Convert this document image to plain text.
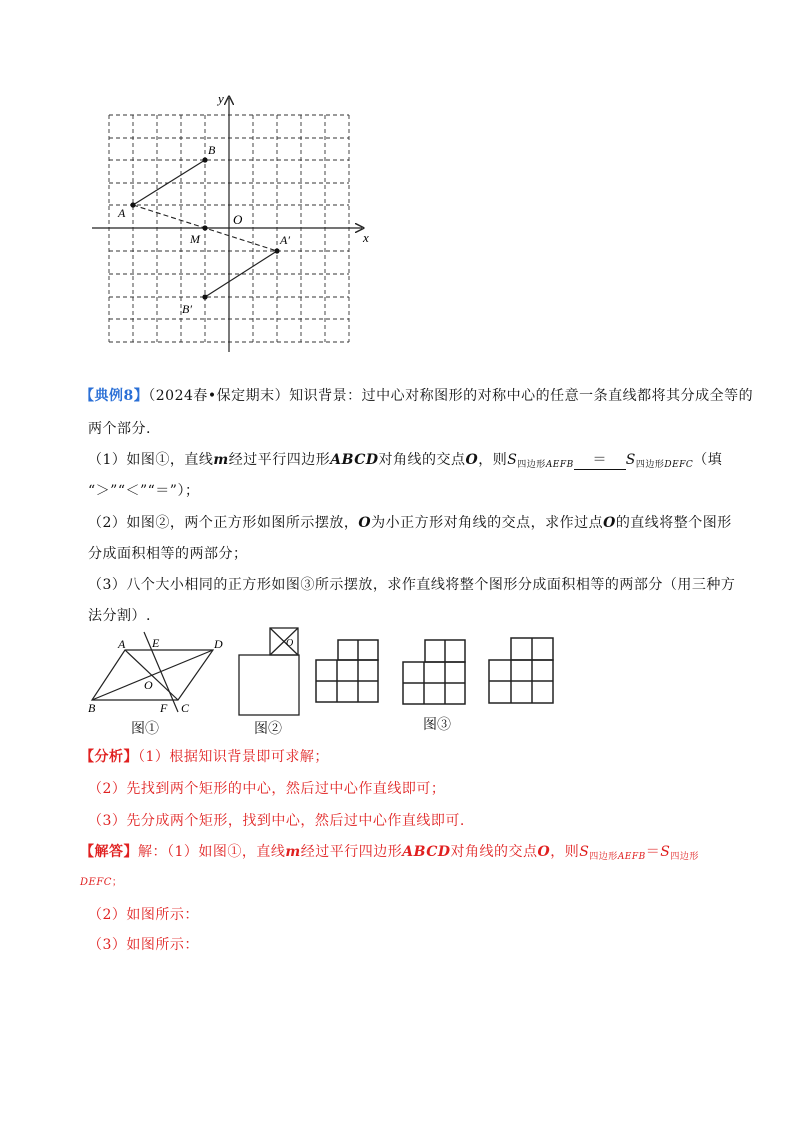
y
x
O
A
B
M	A′
B′
【典例8】（2024春•保定期末）知识背景：过中心对称图形的对称中心的任意一条直线都将其分成全等的
两个部分.
（1）如图①，直线m经过平行四边形ABCD对角线的交点O，则$S_{四边形AEFB} = S_{四边形DEFC}$（填
“＞”“＜”“＝”）；
（2）如图②，两个正方形如图所示摆放，O为小正方形对角线的交点，求作过点O的直线将整个图形
分成面积相等的两部分；
（3）八个大小相同的正方形如图③所示摆放，求作直线将整个图形分成面积相等的两部分（用三种方
法分割）.
A E	D
O
B	F C
图①
O
图②	图③
【分析】（1）根据知识背景即可求解；
（2）先找到两个矩形的中心，然后过中心作直线即可；
（3）先分成两个矩形，找到中心，然后过中心作直线即可.
【解答】解：（1）如图①，直线m经过平行四边形ABCD对角线的交点O，则$S_{四边形AEFB}=S_{四边形}$
DEFC；
（2）如图所示：
（3）如图所示：
